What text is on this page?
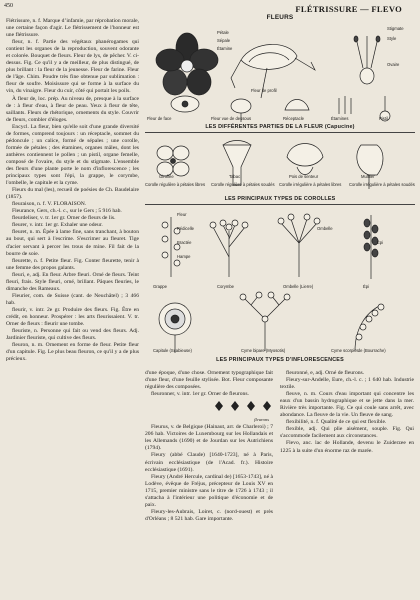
450	FLÉTRISSURE — FLEVO

Flétrissure, n. f. Marque d’infamie, par réprobation morale, une certaine façon d'agir. Le flétrissement de l'honneur est une flétrissure.

fleur, n. f. Partie des végétaux phanérogames qui contient les organes de la reproduction, souvent odorante et colorée. Bouquet de fleurs. Fleur de lys, de pêcher. V. ci-dessus. Fig. Ce qu'il y a de meilleur, de plus distingué, de plus brillant : la fleur de la jeunesse. Fleur de farine. Fleur de l'âge. Chim. Poudre très fine obtenue par sublimation : fleur de soufre. Moisissure qui se forme à la surface du vin, du vinaigre. Fleur du cuir, côté qui portait les poils.

À fleur de, loc. prép. Au niveau de, presque à la surface de : à fleur d'eau, à fleur de peau. Yeux à fleur de tête, saillants. Fleurs de rhétorique, ornements du style. Couvrir de fleurs, combler d'éloges.

Encycl. La fleur, bien qu'elle soit d'une grande diversité de formes, comprend toujours : un réceptacle, sommet du pédoncule ; un calice, formé de sépales ; une corolle, formée de pétales ; des étamines, organes mâles, dont les anthères contiennent le pollen ; un pistil, organe femelle, composé de l'ovaire, du style et du stigmate. L'ensemble des fleurs d'une plante porte le nom d'inflorescence ; les principaux types sont l'épi, la grappe, le corymbe, l'ombelle, le capitule et la cyme.

Fleurs du mal (les), recueil de poésies de Ch. Baudelaire (1857).

fleuraison, n. f. V. FLORAISON.

Fleurance, Gers, ch.-l. c., sur le Gers ; 5 916 hab.

fleurdeliser, v. tr. 1er gr. Orner de fleurs de lis.

fleurer, v. intr. 1er gr. Exhaler une odeur.

fleuret, n. m. Épée à lame fine, sans tranchant, à bouton au bout, qui sert à l'escrime. S'escrimer au fleuret. Tige d'acier servant à percer les trous de mine. Fil fait de la bourre de soie.

fleurette, n. f. Petite fleur. Fig. Conter fleurette, tenir à une femme des propos galants.

fleuri, e, adj. En fleur. Arbre fleuri. Orné de fleurs. Teint fleuri, frais. Style fleuri, orné, brillant. Pâques fleuries, le dimanche des Rameaux.

Fleurier, com. de Suisse (cant. de Neuchâtel) ; 3 466 hab.

fleurir, v. intr. 2e gr. Produire des fleurs. Fig. Être en crédit, en honneur. Prospérer : les arts fleurissaient. V. tr. Orner de fleurs : fleurir une tombe.

fleuriste, n. Personne qui fait ou vend des fleurs. Adj. Jardinier fleuriste, qui cultive des fleurs.

fleuron, n. m. Ornement en forme de fleur. Petite fleur d'un capitule. Fig. Le plus beau fleuron, ce qu'il y a de plus précieux.

FLEURS
Pétale
Sépale
Étamine
Stigmate
Style
Ovaire
Fleur de face
Fleur de profil
Fleur vue de dessous	Réceptacle	Pistil
Étamines
LES DIFFÉRENTES PARTIES DE LA FLEUR (Capucine)
Giroflée	Tabac	Pois de senteur	Mufflier
Corolle régulière à pétales libres	Corolle régulière à pétales soudés Corolle irrégulière à pétales libres	Corolle irrégulière à pétales soudés
LES PRINCIPAUX TYPES DE COROLLES
Fleur
Pédicelle
Bractée
Hampe
Épi
Ombelle
Grappe	Corymbe	Ombelle (Lierre)	Épi
Capitule (Scabieuse)	Cyme bipare (Myosotis)	Cyme scorpioïde (Bourrache)
LES PRINCIPAUX TYPES D'INFLORESCENCES

d'une époque, d'une chose. Ornement typographique fait d'une fleur, d'une feuille stylisée. Bot. Fleur composante régulière des composées.

fleuronner, v. intr. 1er gr. Orner de fleurons.

fleurons

Fleurus, v. de Belgique (Hainaut, arr. de Charleroi) ; 7 206 hab. Victoires de Luxembourg sur les Hollandais et les Allemands (1690) et de Jourdan sur les Autrichiens (1794).

Fleury (abbé Claude) [1640-1723], né à Paris, écrivain ecclésiastique (de l'Acad. fr.). Histoire ecclésiastique (1691).

Fleury (André Hercule, cardinal de) [1653-1743], né à Lodève, évêque de Fréjus, précepteur de Louis XV en 1715, premier ministre sans le titre de 1726 à 1743 ; il s'attacha à l'intérieur une politique d'économie et de paix.

Fleury-les-Aubrais, Loiret, c. (nord-ouest) et près d'Orléans ; 8 521 hab. Gare importante.

fleuronné, e, adj. Orné de fleurons.

Fleury-sur-Andelle, Eure, ch.-l. c. ; 1 640 hab. Industrie textile.

fleuve, n. m. Cours d'eau important qui concentre les eaux d'un bassin hydrographique et se jette dans la mer. Rivière très importante. Fig. Ce qui coule sans arrêt, avec abondance. La fleuve de la vie. Un fleuve de sang.

flexibilité, n. f. Qualité de ce qui est flexible.

flexible, adj. Qui plie aisément, souple. Fig. Qui s'accommode facilement aux circonstances.

Flevo, anc. lac de Hollande, devenu le Zuiderzee en 1225 à la suite d'un énorme raz de marée.
